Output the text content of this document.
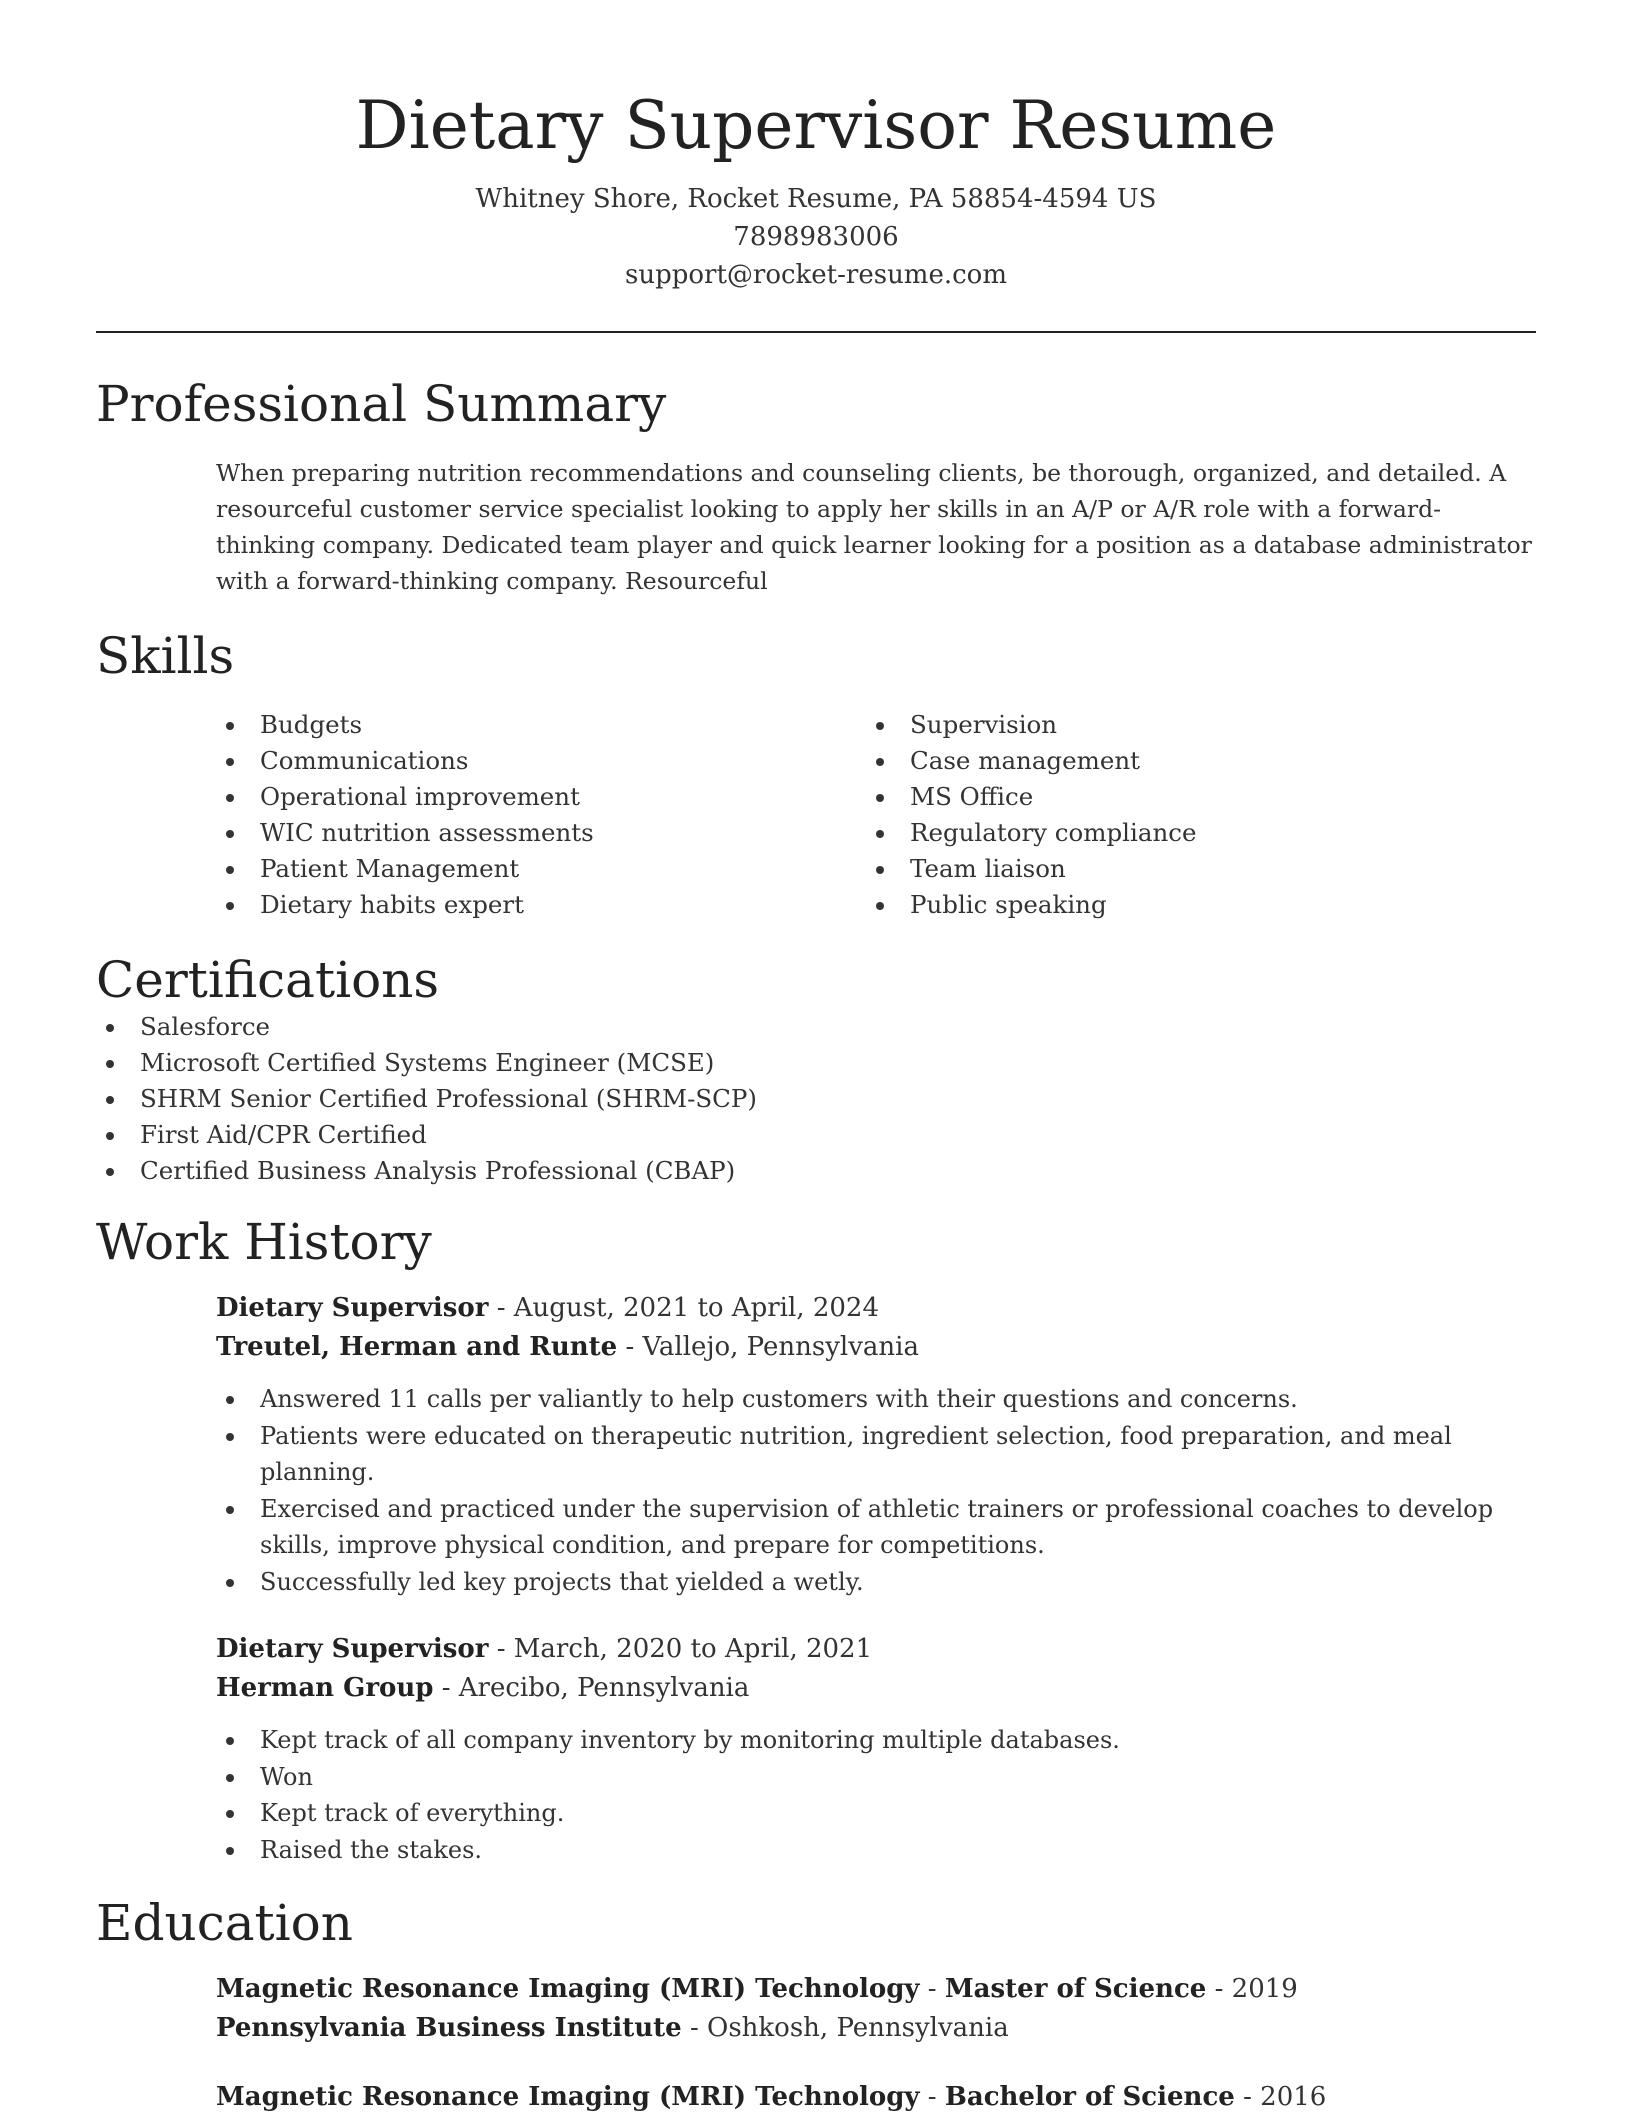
Dietary Supervisor Resume
Whitney Shore, Rocket Resume, PA 58854-4594 US
7898983006
support@rocket-resume.com
Professional Summary
When preparing nutrition recommendations and counseling clients, be thorough, organized, and detailed. A resourceful customer service specialist looking to apply her skills in an A/P or A/R role with a forward-thinking company. Dedicated team player and quick learner looking for a position as a database administrator with a forward-thinking company. Resourceful
Skills
Budgets
Communications
Operational improvement
WIC nutrition assessments
Patient Management
Dietary habits expert
Supervision
Case management
MS Office
Regulatory compliance
Team liaison
Public speaking
Certifications
Salesforce
Microsoft Certified Systems Engineer (MCSE)
SHRM Senior Certified Professional (SHRM-SCP)
First Aid/CPR Certified
Certified Business Analysis Professional (CBAP)
Work History
Dietary Supervisor - August, 2021 to April, 2024
Treutel, Herman and Runte - Vallejo, Pennsylvania
Answered 11 calls per valiantly to help customers with their questions and concerns.
Patients were educated on therapeutic nutrition, ingredient selection, food preparation, and meal planning.
Exercised and practiced under the supervision of athletic trainers or professional coaches to develop skills, improve physical condition, and prepare for competitions.
Successfully led key projects that yielded a wetly.
Dietary Supervisor - March, 2020 to April, 2021
Herman Group - Arecibo, Pennsylvania
Kept track of all company inventory by monitoring multiple databases.
Won
Kept track of everything.
Raised the stakes.
Education
Magnetic Resonance Imaging (MRI) Technology - Master of Science - 2019
Pennsylvania Business Institute - Oshkosh, Pennsylvania
Magnetic Resonance Imaging (MRI) Technology - Bachelor of Science - 2016
